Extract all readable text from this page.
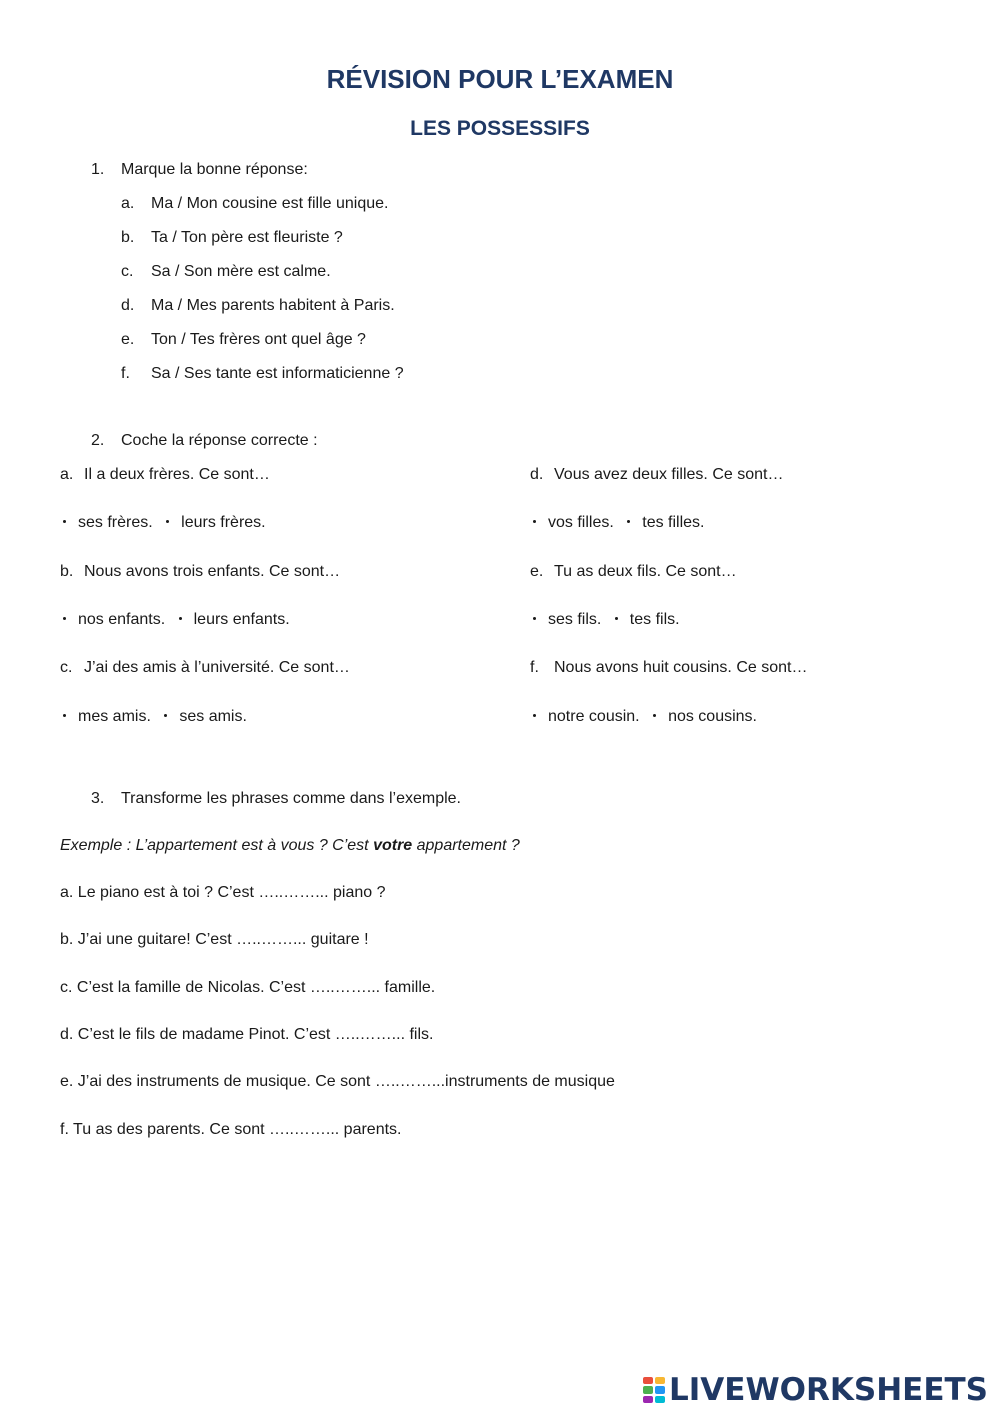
RÉVISION POUR L’EXAMEN
LES POSSESSIFS
1. Marque la bonne réponse:
a. Ma / Mon cousine est fille unique.
b. Ta / Ton père est fleuriste ?
c. Sa / Son mère est calme.
d. Ma / Mes parents habitent à Paris.
e. Ton / Tes frères ont quel âge ?
f. Sa / Ses tante est informaticienne ?
2. Coche la réponse correcte :
a. Il a deux frères. Ce sont…
ses frères. leurs frères.
b. Nous avons trois enfants. Ce sont…
nos enfants. leurs enfants.
c. J’ai des amis à l’université. Ce sont…
mes amis. ses amis.
d. Vous avez deux filles. Ce sont…
vos filles. tes filles.
e. Tu as deux fils. Ce sont…
ses fils. tes fils.
f. Nous avons huit cousins. Ce sont…
notre cousin. nos cousins.
3. Transforme les phrases comme dans l’exemple.
Exemple : L’appartement est à vous ? C’est votre appartement ?
a. Le piano est à toi ? C’est …..……... piano ?
b. J’ai une guitare! C’est …..……... guitare !
c. C’est la famille de Nicolas. C’est …..……... famille.
d. C’est le fils de madame Pinot. C’est …..……... fils.
e. J’ai des instruments de musique. Ce sont …..……...instruments de musique
f. Tu as des parents. Ce sont …..……... parents.
LIVEWORKSHEETS
